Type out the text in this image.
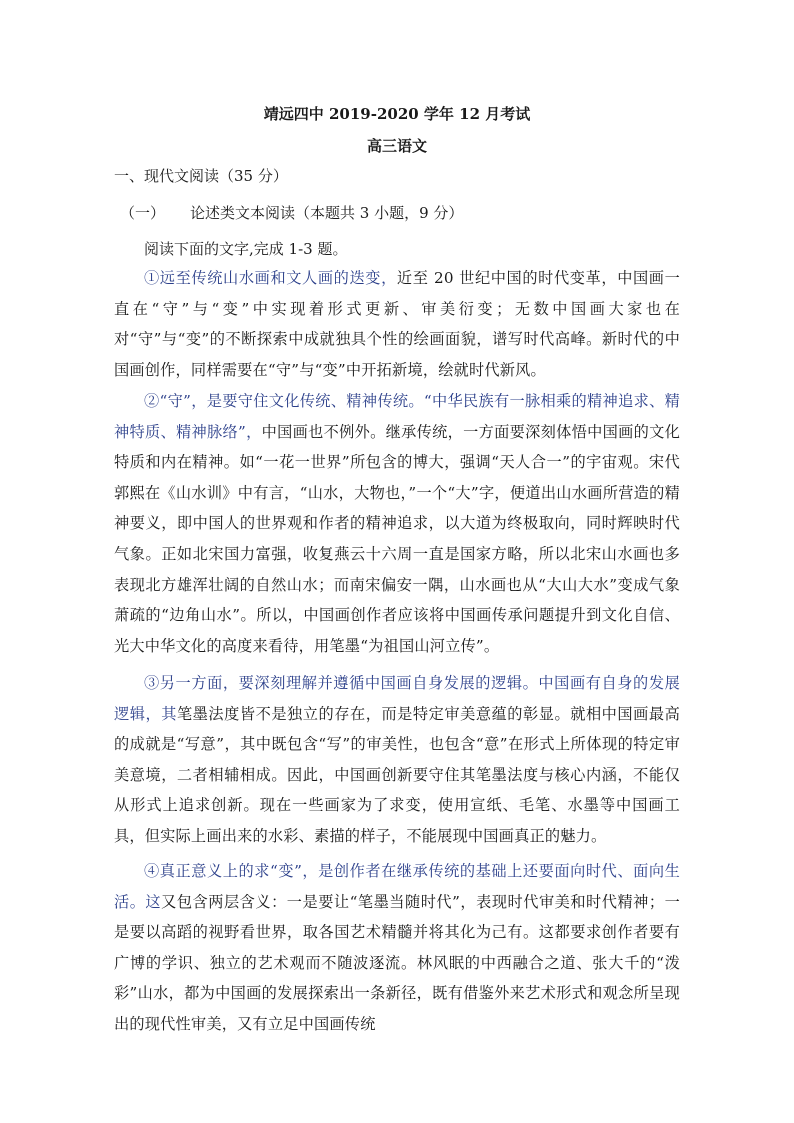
靖远四中 2019-2020 学年 12 月考试
高三语文
一、现代文阅读（35 分）
（一） 论述类文本阅读（本题共 3 小题，9 分）
阅读下面的文字,完成 1-3 题。
①远至传统山水画和文人画的迭变，近至 20 世纪中国的时代变革，中国画一直在“守”与“变”中实现着形式更新、审美衍变；无数中国画大家也在对“守”与“变”的不断探索中成就独具个性的绘画面貌，谱写时代高峰。新时代的中国画创作，同样需要在“守”与“变”中开拓新境，绘就时代新风。
②“守”，是要守住文化传统、精神传统。“中华民族有一脉相乘的精神追求、精神特质、精神脉络”，中国画也不例外。继承传统，一方面要深刻体悟中国画的文化特质和内在精神。如“一花一世界”所包含的博大，强调“天人合一”的宇宙观。宋代郭熙在《山水训》中有言，“山水，大物也，”一个“大”字，便道出山水画所营造的精神要义，即中国人的世界观和作者的精神追求，以大道为终极取向，同时辉映时代气象。正如北宋国力富强，收复燕云十六周一直是国家方略，所以北宋山水画也多表现北方雄浑壮阔的自然山水；而南宋偏安一隅，山水画也从“大山大水”变成气象萧疏的“边角山水”。所以，中国画创作者应该将中国画传承问题提升到文化自信、光大中华文化的高度来看待，用笔墨“为祖国山河立传”。
③另一方面，要深刻理解并遵循中国画自身发展的逻辑。中国画有自身的发展逻辑，其笔墨法度皆不是独立的存在，而是特定审美意蕴的彰显。就相中国画最高的成就是“写意”，其中既包含“写”的审美性，也包含“意”在形式上所体现的特定审美意境，二者相辅相成。因此，中国画创新要守住其笔墨法度与核心内涵，不能仅从形式上追求创新。现在一些画家为了求变，使用宣纸、毛笔、水墨等中国画工具，但实际上画出来的水彩、素描的样子，不能展现中国画真正的魅力。
④真正意义上的求“变”，是创作者在继承传统的基础上还要面向时代、面向生活。这又包含两层含义：一是要让“笔墨当随时代”，表现时代审美和时代精神；一是要以高蹈的视野看世界，取各国艺术精髓并将其化为己有。这都要求创作者要有广博的学识、独立的艺术观而不随波逐流。林风眠的中西融合之道、张大千的“泼彩”山水，都为中国画的发展探索出一条新径，既有借鉴外来艺术形式和观念所呈现出的现代性审美，又有立足中国画传统
